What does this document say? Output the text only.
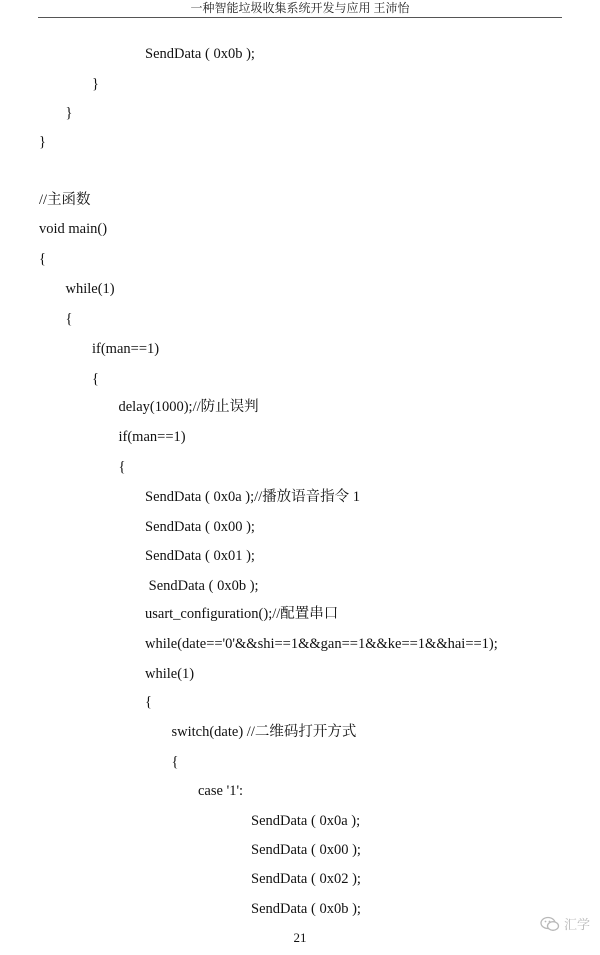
一种智能垃圾收集系统开发与应用 王沛怡
SendData ( 0x0b );
}
}
}
//主函数
void main()
{
while(1)
{
if(man==1)
{
delay(1000);//防止误判
if(man==1)
{
SendData ( 0x0a );//播放语音指令 1
SendData ( 0x00 );
SendData ( 0x01 );
SendData ( 0x0b );
usart_configuration();//配置串口
while(date=='0'&&shi==1&&gan==1&&ke==1&&hai==1);
while(1)
{
switch(date) //二维码打开方式
{
case '1':
SendData ( 0x0a );
SendData ( 0x00 );
SendData ( 0x02 );
SendData ( 0x0b );
21
汇学
